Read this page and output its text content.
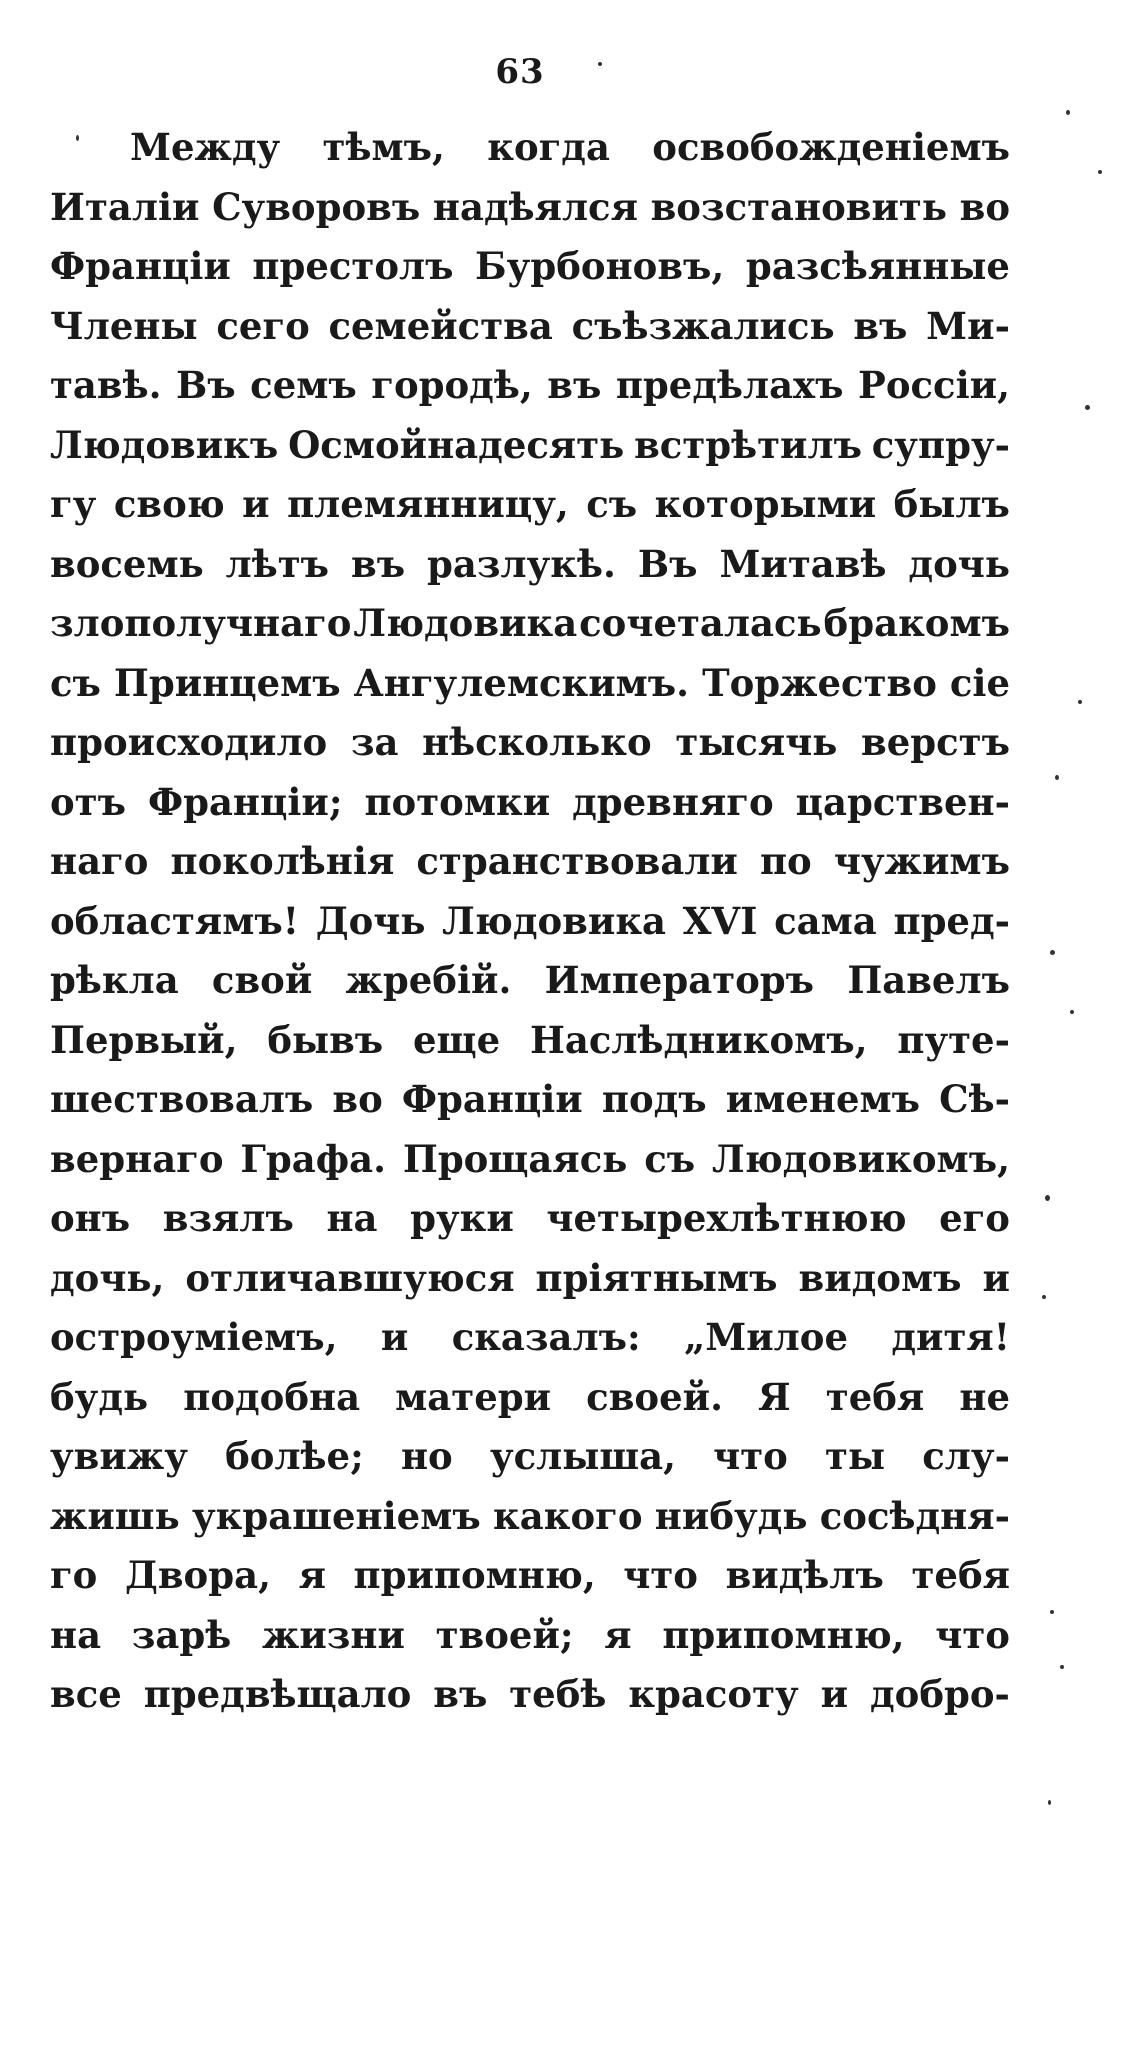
63
Между тѣмъ, когда освобожденіемъ
Италіи Суворовъ надѣялся возстановить во
Франціи престолъ Бурбоновъ, разсѣянные
Члены сего семейства съѣзжались въ Ми-
тавѣ. Въ семъ городѣ, въ предѣлахъ Россіи,
Людовикъ Осмойнадесять встрѣтилъ супру-
гу свою и племянницу, съ которыми былъ
восемь лѣтъ въ разлукѣ. Въ Митавѣ дочь
злополучнаго Людовика сочеталась бракомъ
съ Принцемъ Ангулемскимъ. Торжество сіе
происходило за нѣсколько тысячь верстъ
отъ Франціи; потомки древняго царствен-
наго поколѣнія странствовали по чужимъ
областямъ! Дочь Людовика XVI сама пред-
рѣкла свой жребій. Императоръ Павелъ
Первый, бывъ еще Наслѣдникомъ, путе-
шествовалъ во Франціи подъ именемъ Сѣ-
вернаго Графа. Прощаясь съ Людовикомъ,
онъ взялъ на руки четырехлѣтнюю его
дочь, отличавшуюся пріятнымъ видомъ и
остроуміемъ, и сказалъ: „Милое дитя!
будь подобна матери своей. Я тебя не
увижу болѣе; но услыша, что ты слу-
жишь украшеніемъ какого нибудь сосѣдня-
го Двора, я припомню, что видѣлъ тебя
на зарѣ жизни твоей; я припомню, что
все предвѣщало въ тебѣ красоту и добро-
